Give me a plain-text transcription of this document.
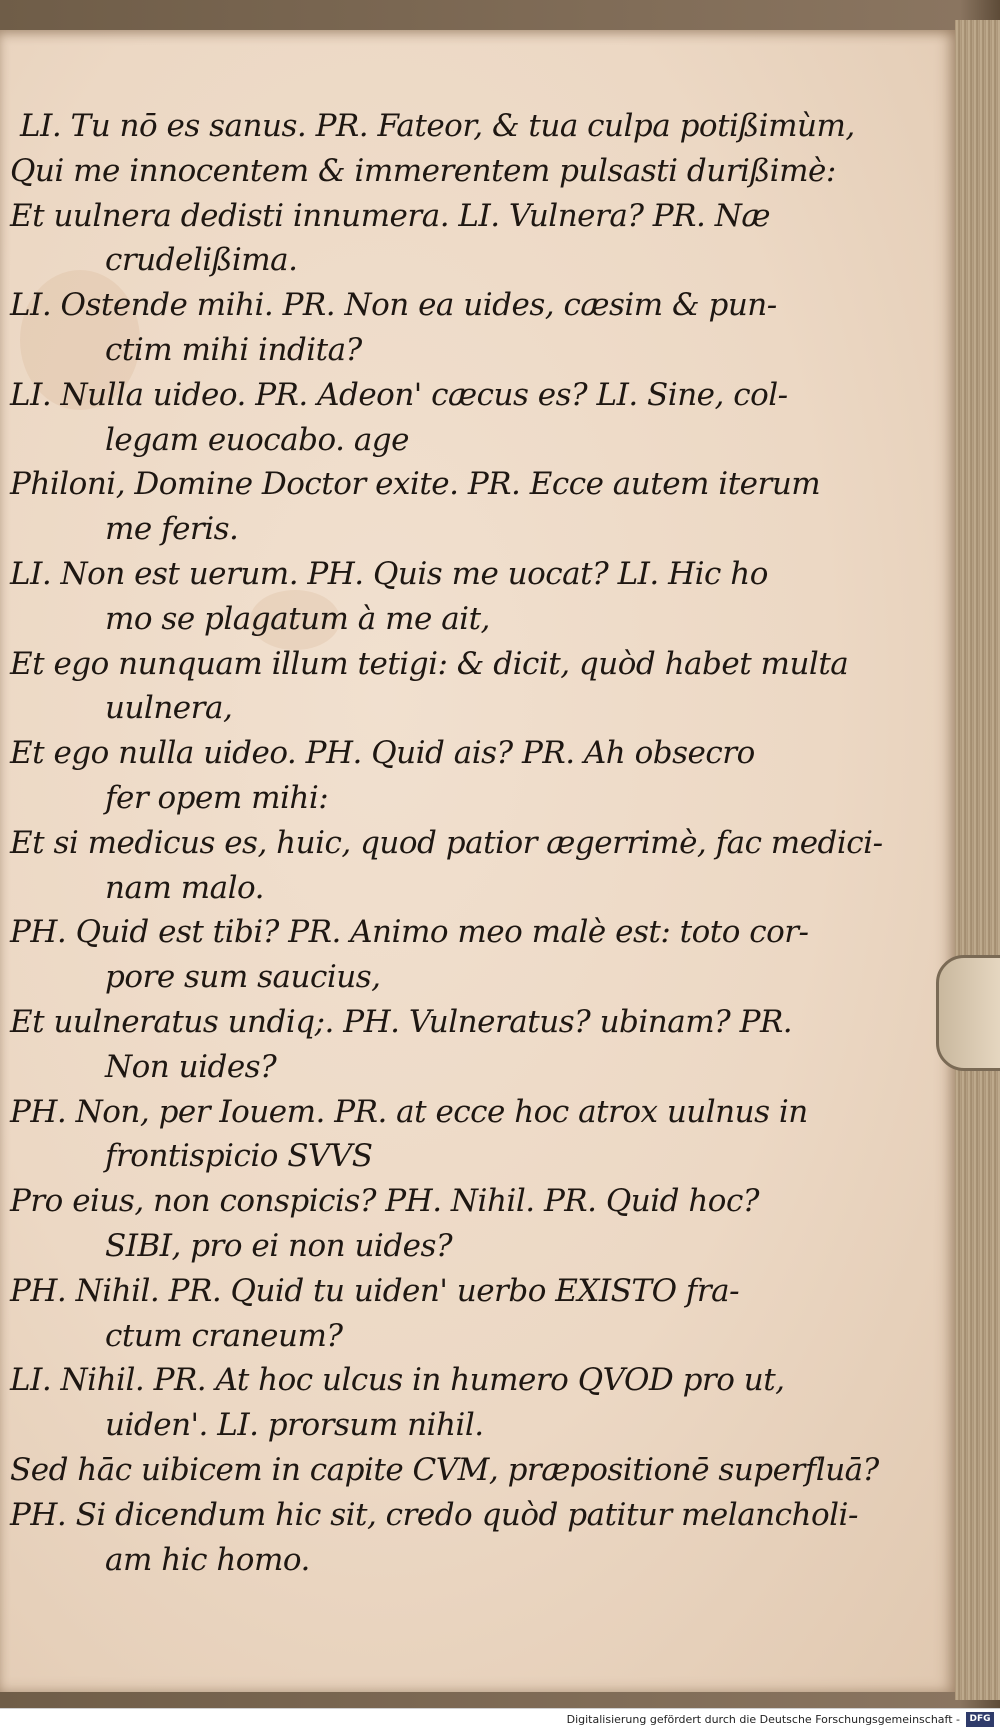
LI. Tu nō es sanus. PR. Fateor, & tua culpa potißimùm,
Qui me innocentem & immerentem pulsasti durißimè:
Et uulnera dedisti innumera. LI. Vulnera? PR. Næ
crudelißima.
LI. Ostende mihi. PR. Non ea uides, cæsim & pun-
ctim mihi indita?
LI. Nulla uideo. PR. Adeon' cæcus es? LI. Sine, col-
legam euocabo. age
Philoni, Domine Doctor exite. PR. Ecce autem iterum
me feris.
LI. Non est uerum. PH. Quis me uocat? LI. Hic ho
mo se plagatum à me ait,
Et ego nunquam illum tetigi: & dicit, quòd habet multa
uulnera,
Et ego nulla uideo. PH. Quid ais? PR. Ah obsecro
fer opem mihi:
Et si medicus es, huic, quod patior ægerrimè, fac medici-
nam malo.
PH. Quid est tibi? PR. Animo meo malè est: toto cor-
pore sum saucius,
Et uulneratus undiq;. PH. Vulneratus? ubinam? PR.
Non uides?
PH. Non, per Iouem. PR. at ecce hoc atrox uulnus in
frontispicio SVVS
Pro eius, non conspicis? PH. Nihil. PR. Quid hoc?
SIBI, pro ei non uides?
PH. Nihil. PR. Quid tu uiden' uerbo EXISTO fra-
ctum craneum?
LI. Nihil. PR. At hoc ulcus in humero QVOD pro ut,
uiden'. LI. prorsum nihil.
Sed hāc uibicem in capite CVM, præpositionē superfluā?
PH. Si dicendum hic sit, credo quòd patitur melancholi-
am hic homo.
Digitalisierung gefördert durch die Deutsche Forschungsgemeinschaft -	DFG
